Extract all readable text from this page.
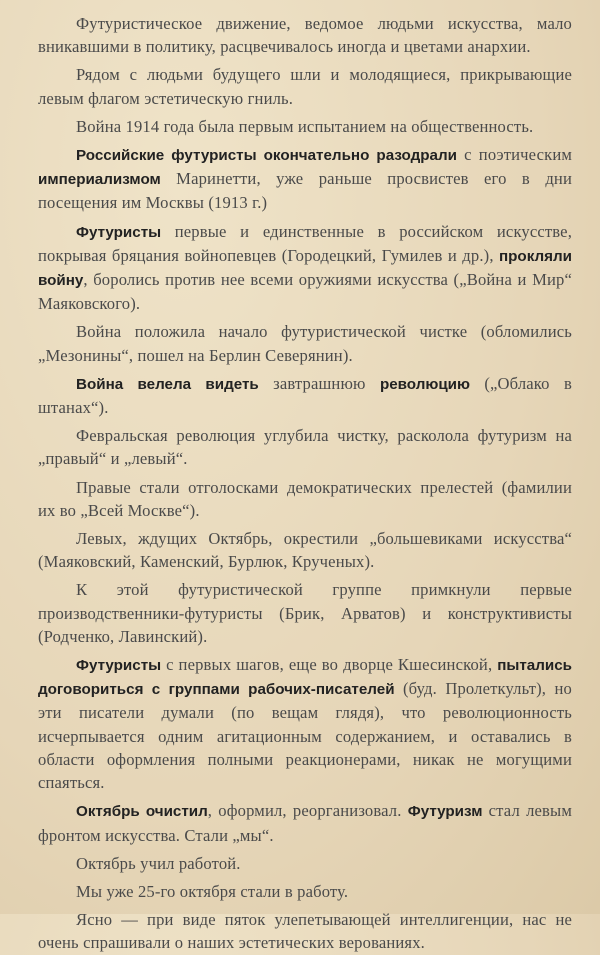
Футуристическое движение, ведомое людьми искусства, мало вникавшими в политику, расцвечивалось иногда и цветами анархии.

Рядом с людьми будущего шли и молодящиеся, прикрывающие левым флагом эстетическую гниль.

Война 1914 года была первым испытанием на общественность.

Российские футуристы окончательно разодрали с поэтическим империализмом Маринетти, уже раньше просвистев его в дни посещения им Москвы (1913 г.)

Футуристы первые и единственные в российском искусстве, покрывая бряцания войнопевцев (Городецкий, Гумилев и др.), прокляли войну, боролись против нее всеми оружиями искусства („Война и Мир“ Маяковского).

Война положила начало футуристической чистке (обломились „Мезонины“, пошел на Берлин Северянин).

Война велела видеть завтрашнюю революцию („Облако в штанах“).

Февральская революция углубила чистку, расколола футуризм на „правый“ и „левый“.

Правые стали отголосками демократических прелестей (фамилии их во „Всей Москве“).

Левых, ждущих Октябрь, окрестили „большевиками искусства“ (Маяковский, Каменский, Бурлюк, Крученых).

К этой футуристической группе примкнули первые производственники-футуристы (Брик, Арватов) и конструктивисты (Родченко, Лавинский).

Футуристы с первых шагов, еще во дворце Кшесинской, пытались договориться с группами рабочих-писателей (буд. Пролеткульт), но эти писатели думали (по вещам глядя), что революционность исчерпывается одним агитационным содержанием, и оставались в области оформления полными реакционерами, никак не могущими спаяться.

Октябрь очистил, оформил, реорганизовал. Футуризм стал левым фронтом искусства. Стали „мы“.

Октябрь учил работой.

Мы уже 25-го октября стали в работу.

Ясно — при виде пяток улепетывающей интеллигенции, нас не очень спрашивали о наших эстетических верованиях.
